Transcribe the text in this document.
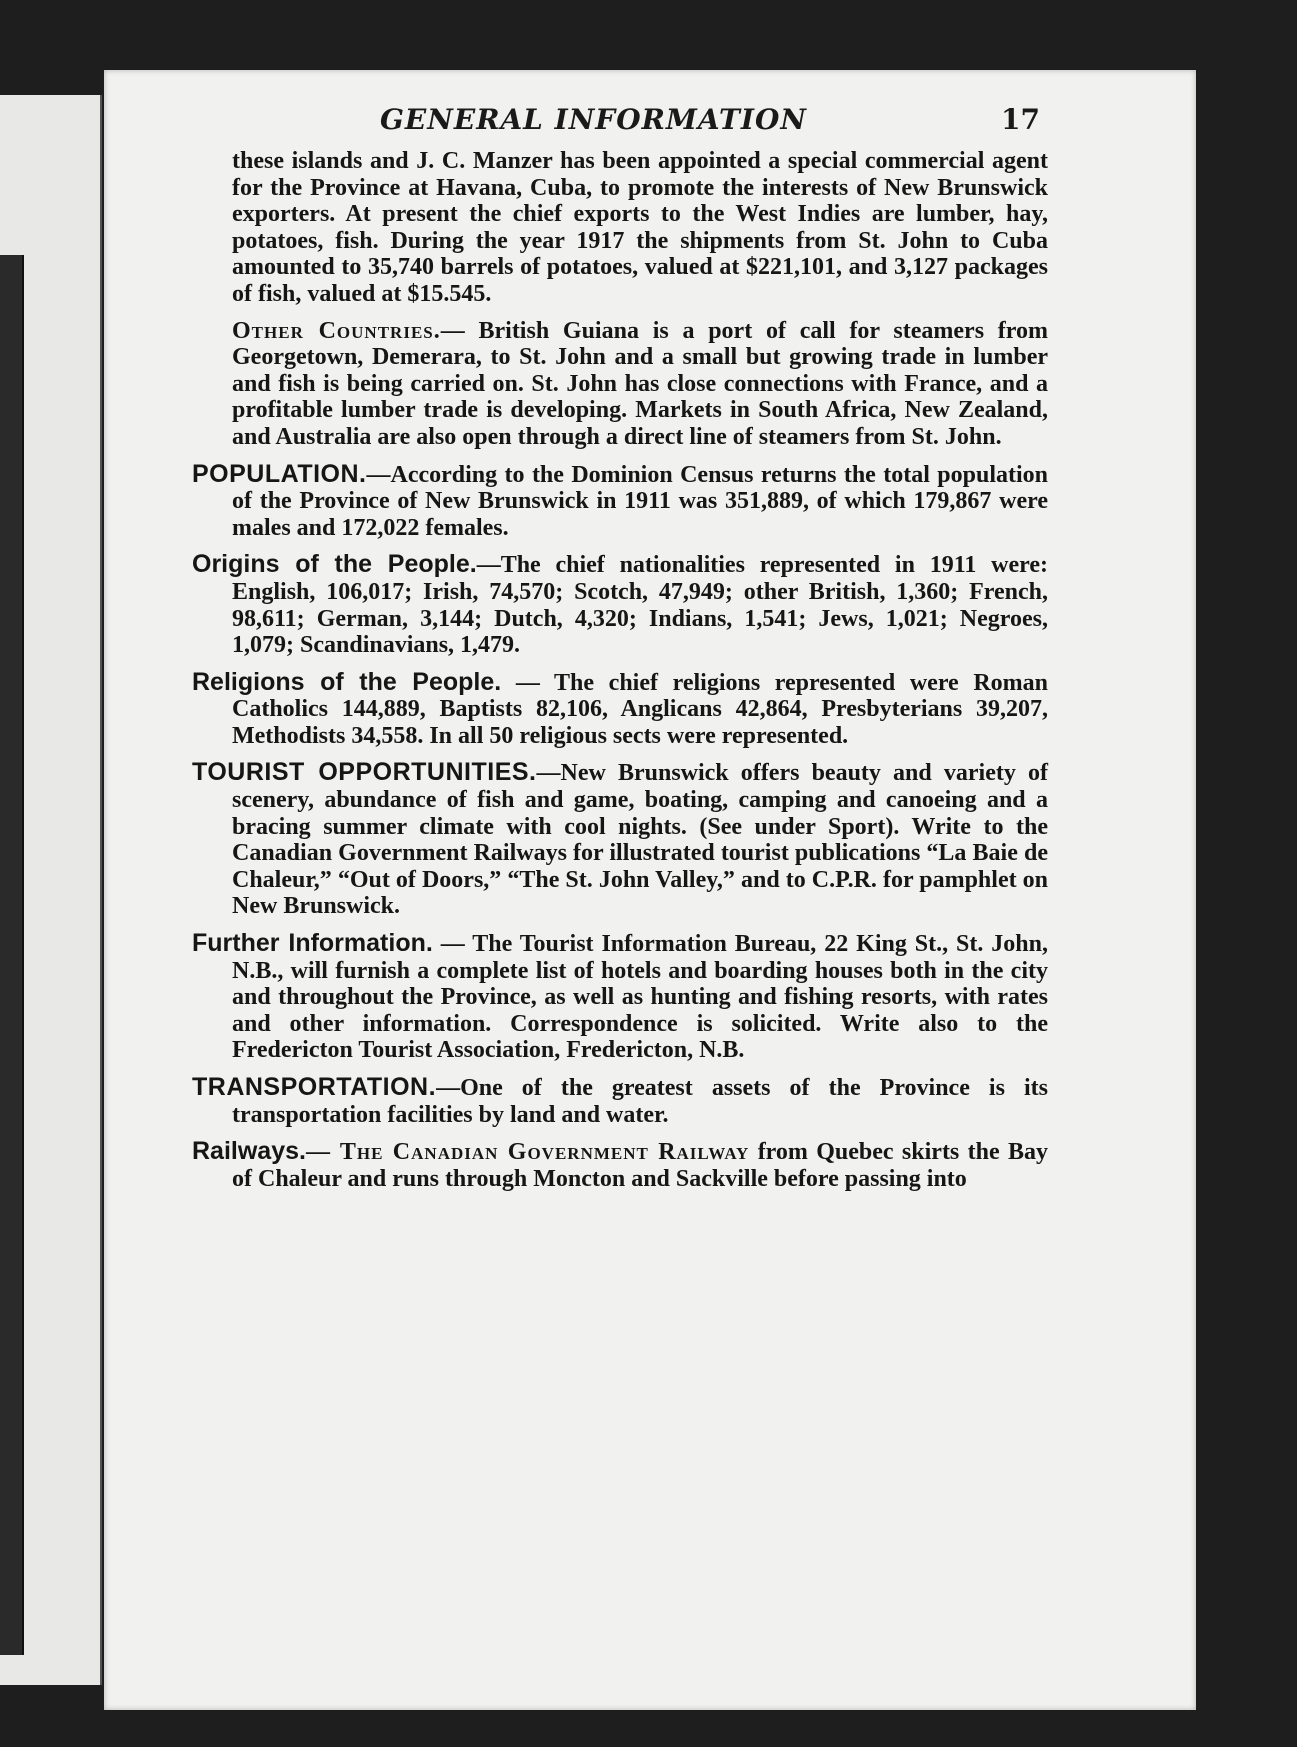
GENERAL INFORMATION	17

these islands and J. C. Manzer has been appointed a special commercial agent for the Province at Havana, Cuba, to promote the interests of New Brunswick exporters. At present the chief exports to the West Indies are lumber, hay, potatoes, fish. During the year 1917 the shipments from St. John to Cuba amounted to 35,740 barrels of potatoes, valued at $221,101, and 3,127 packages of fish, valued at $15.545.

Other Countries.— British Guiana is a port of call for steamers from Georgetown, Demerara, to St. John and a small but growing trade in lumber and fish is being carried on. St. John has close connections with France, and a profitable lumber trade is developing. Markets in South Africa, New Zealand, and Australia are also open through a direct line of steamers from St. John.

POPULATION.—According to the Dominion Census returns the total population of the Province of New Brunswick in 1911 was 351,889, of which 179,867 were males and 172,022 females.

Origins of the People.—The chief nationalities represented in 1911 were: English, 106,017; Irish, 74,570; Scotch, 47,949; other British, 1,360; French, 98,611; German, 3,144; Dutch, 4,320; Indians, 1,541; Jews, 1,021; Negroes, 1,079; Scandinavians, 1,479.

Religions of the People. — The chief religions represented were Roman Catholics 144,889, Baptists 82,106, Anglicans 42,864, Presbyterians 39,207, Methodists 34,558. In all 50 religious sects were represented.

TOURIST OPPORTUNITIES.—New Brunswick offers beauty and variety of scenery, abundance of fish and game, boating, camping and canoeing and a bracing summer climate with cool nights. (See under Sport). Write to the Canadian Government Railways for illustrated tourist publications “La Baie de Chaleur,” “Out of Doors,” “The St. John Valley,” and to C.P.R. for pamphlet on New Brunswick.

Further Information. — The Tourist Information Bureau, 22 King St., St. John, N.B., will furnish a complete list of hotels and boarding houses both in the city and throughout the Province, as well as hunting and fishing resorts, with rates and other information. Correspondence is solicited. Write also to the Fredericton Tourist Association, Fredericton, N.B.

TRANSPORTATION.—One of the greatest assets of the Province is its transportation facilities by land and water.

Railways.— The Canadian Government Railway from Quebec skirts the Bay of Chaleur and runs through Moncton and Sackville before passing into
